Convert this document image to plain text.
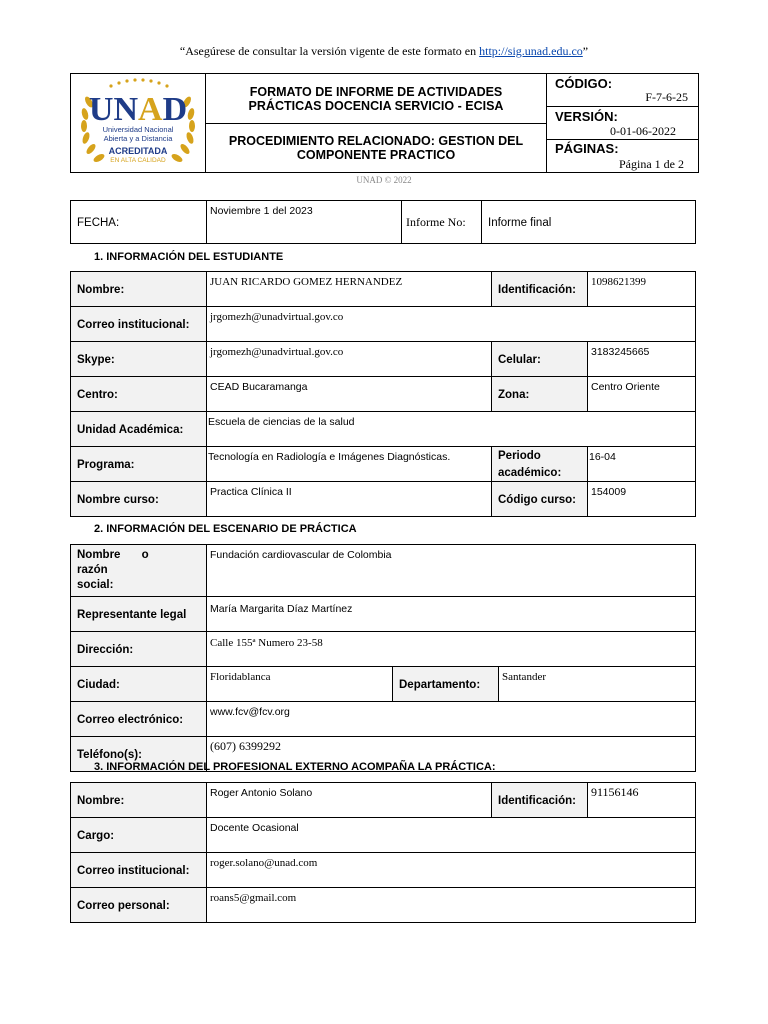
“Asegúrese de consultar la versión vigente de este formato en http://sig.unad.edu.co”
UNAD
Universidad Nacional
Abierta y a Distancia
ACREDITADA
EN ALTA CALIDAD
FORMATO DE INFORME DE ACTIVIDADES PRÁCTICAS DOCENCIA SERVICIO - ECISA
PROCEDIMIENTO RELACIONADO: GESTION DEL COMPONENTE PRACTICO
CÓDIGO:
F-7-6-25
VERSIÓN:
0-01-06-2022
PÁGINAS:
Página 1 de 2
UNAD © 2022
FECHA:	Noviembre 1 del 2023	Informe No:	Informe final
1. INFORMACIÓN DEL ESTUDIANTE
Nombre:	JUAN RICARDO GOMEZ HERNANDEZ	Identificación:	1098621399
Correo institucional:	jrgomezh@unadvirtual.gov.co		
Skype:	jrgomezh@unadvirtual.gov.co	Celular:	3183245665
Centro:	CEAD Bucaramanga	Zona:	Centro Oriente
Unidad Académica:	Escuela de ciencias de la salud		
Programa:	Tecnología en Radiología e Imágenes Diagnósticas.	Periodo académico:	16-04
Nombre curso:	Practica Clínica II	Código curso:	154009
2. INFORMACIÓN DEL ESCENARIO DE PRÁCTICA
Nombre o razón
social:	Fundación cardiovascular de Colombia		
Representante legal	María Margarita Díaz Martínez		
Dirección:	Calle 155ª Numero 23-58		
Ciudad:	Floridablanca	Departamento:	Santander
Correo electrónico:	www.fcv@fcv.org		
Teléfono(s):	(607) 6399292		
3. INFORMACIÓN DEL PROFESIONAL EXTERNO ACOMPAÑA LA PRÁCTICA:
Nombre:	Roger Antonio Solano	Identificación:	91156146
Cargo:	Docente Ocasional		
Correo institucional:	roger.solano@unad.com		
Correo personal:	roans5@gmail.com		
